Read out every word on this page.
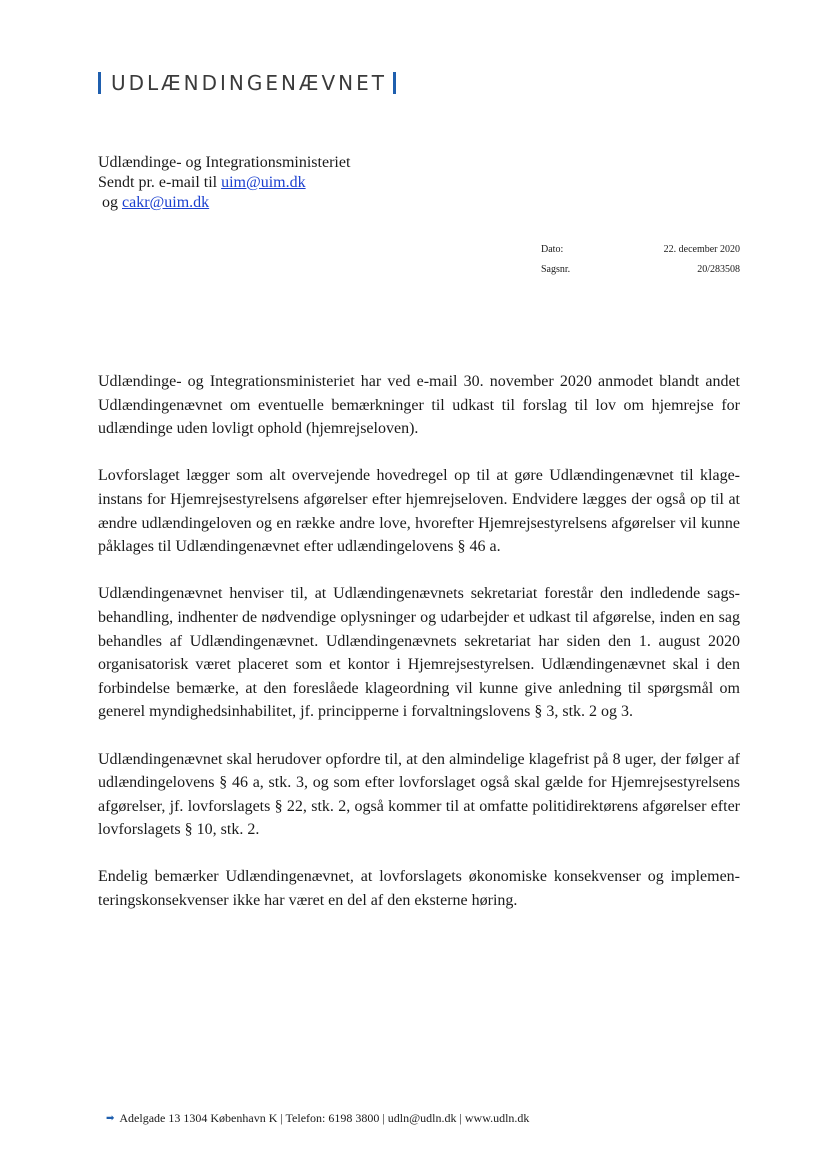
UDLÆNDINGENÆVNET
Udlændinge- og Integrationsministeriet
Sendt pr. e-mail til uim@uim.dk
og cakr@uim.dk
Dato:	22. december 2020
Sagsnr.	20/283508

Udlændinge- og Integrationsministeriet har ved e-mail 30. november 2020 anmodet blandt andet Udlændingenævnet om eventuelle bemærkninger til udkast til forslag til lov om hjemrejse for udlændinge uden lovligt ophold (hjemrejseloven).

Lovforslaget lægger som alt overvejende hovedregel op til at gøre Udlændingenævnet til klageinstans for Hjemrejsestyrelsens afgørelser efter hjemrejseloven. Endvidere lægges der også op til at ændre udlændingeloven og en række andre love, hvorefter Hjemrejsestyrelsens afgørelser vil kunne påklages til Udlændingenævnet efter udlændingelovens § 46 a.

Udlændingenævnet henviser til, at Udlændingenævnets sekretariat forestår den indledende sagsbehandling, indhenter de nødvendige oplysninger og udarbejder et udkast til afgørelse, inden en sag behandles af Udlændingenævnet. Udlændingenævnets sekretariat har siden den 1. august 2020 organisatorisk været placeret som et kontor i Hjemrejsestyrelsen. Udlændingenævnet skal i den forbindelse bemærke, at den foreslåede klageordning vil kunne give anledning til spørgsmål om generel myndighedsinhabilitet, jf. principperne i forvaltningslovens § 3, stk. 2 og 3.

Udlændingenævnet skal herudover opfordre til, at den almindelige klagefrist på 8 uger, der følger af udlændingelovens § 46 a, stk. 3, og som efter lovforslaget også skal gælde for Hjemrejsestyrelsens afgørelser, jf. lovforslagets § 22, stk. 2, også kommer til at omfatte politidirektørens afgørelser efter lovforslagets § 10, stk. 2.

Endelig bemærker Udlændingenævnet, at lovforslagets økonomiske konsekvenser og implementeringskonsekvenser ikke har været en del af den eksterne høring.

➡ Adelgade 13 1304 København K | Telefon: 6198 3800 | udln@udln.dk | www.udln.dk
